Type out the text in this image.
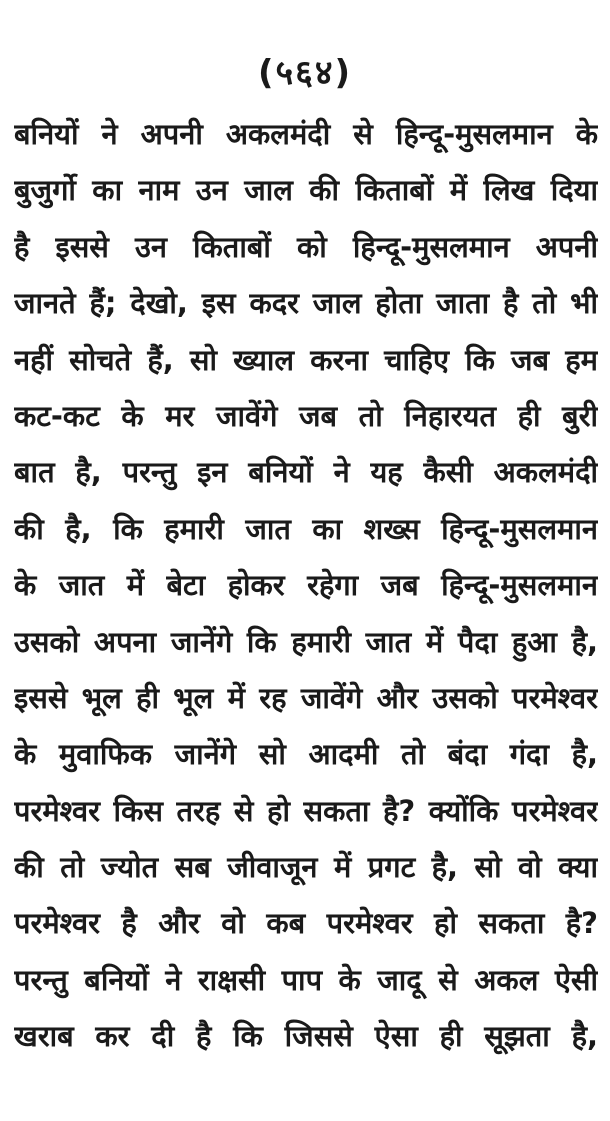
(५६४)
बनियों ने अपनी अकलमंदी से हिन्दू-मुसलमान के
बुजुर्गो का नाम उन जाल की किताबों में लिख दिया
है इससे उन किताबों को हिन्दू-मुसलमान अपनी
जानते हैं; देखो, इस कदर जाल होता जाता है तो भी
नहीं सोचते हैं, सो ख्याल करना चाहिए कि जब हम
कट-कट के मर जावेंगे जब तो निहारयत ही बुरी
बात है, परन्तु इन बनियों ने यह कैसी अकलमंदी
की है, कि हमारी जात का शख्स हिन्दू-मुसलमान
के जात में बेटा होकर रहेगा जब हिन्दू-मुसलमान
उसको अपना जानेंगे कि हमारी जात में पैदा हुआ है,
इससे भूल ही भूल में रह जावेंगे और उसको परमेश्वर
के मुवाफिक जानेंगे सो आदमी तो बंदा गंदा है,
परमेश्वर किस तरह से हो सकता है? क्योंकि परमेश्वर
की तो ज्योत सब जीवाजून में प्रगट है, सो वो क्या
परमेश्वर है और वो कब परमेश्वर हो सकता है?
परन्तु बनियों ने राक्षसी पाप के जादू से अकल ऐसी
खराब कर दी है कि जिससे ऐसा ही सूझता है,
